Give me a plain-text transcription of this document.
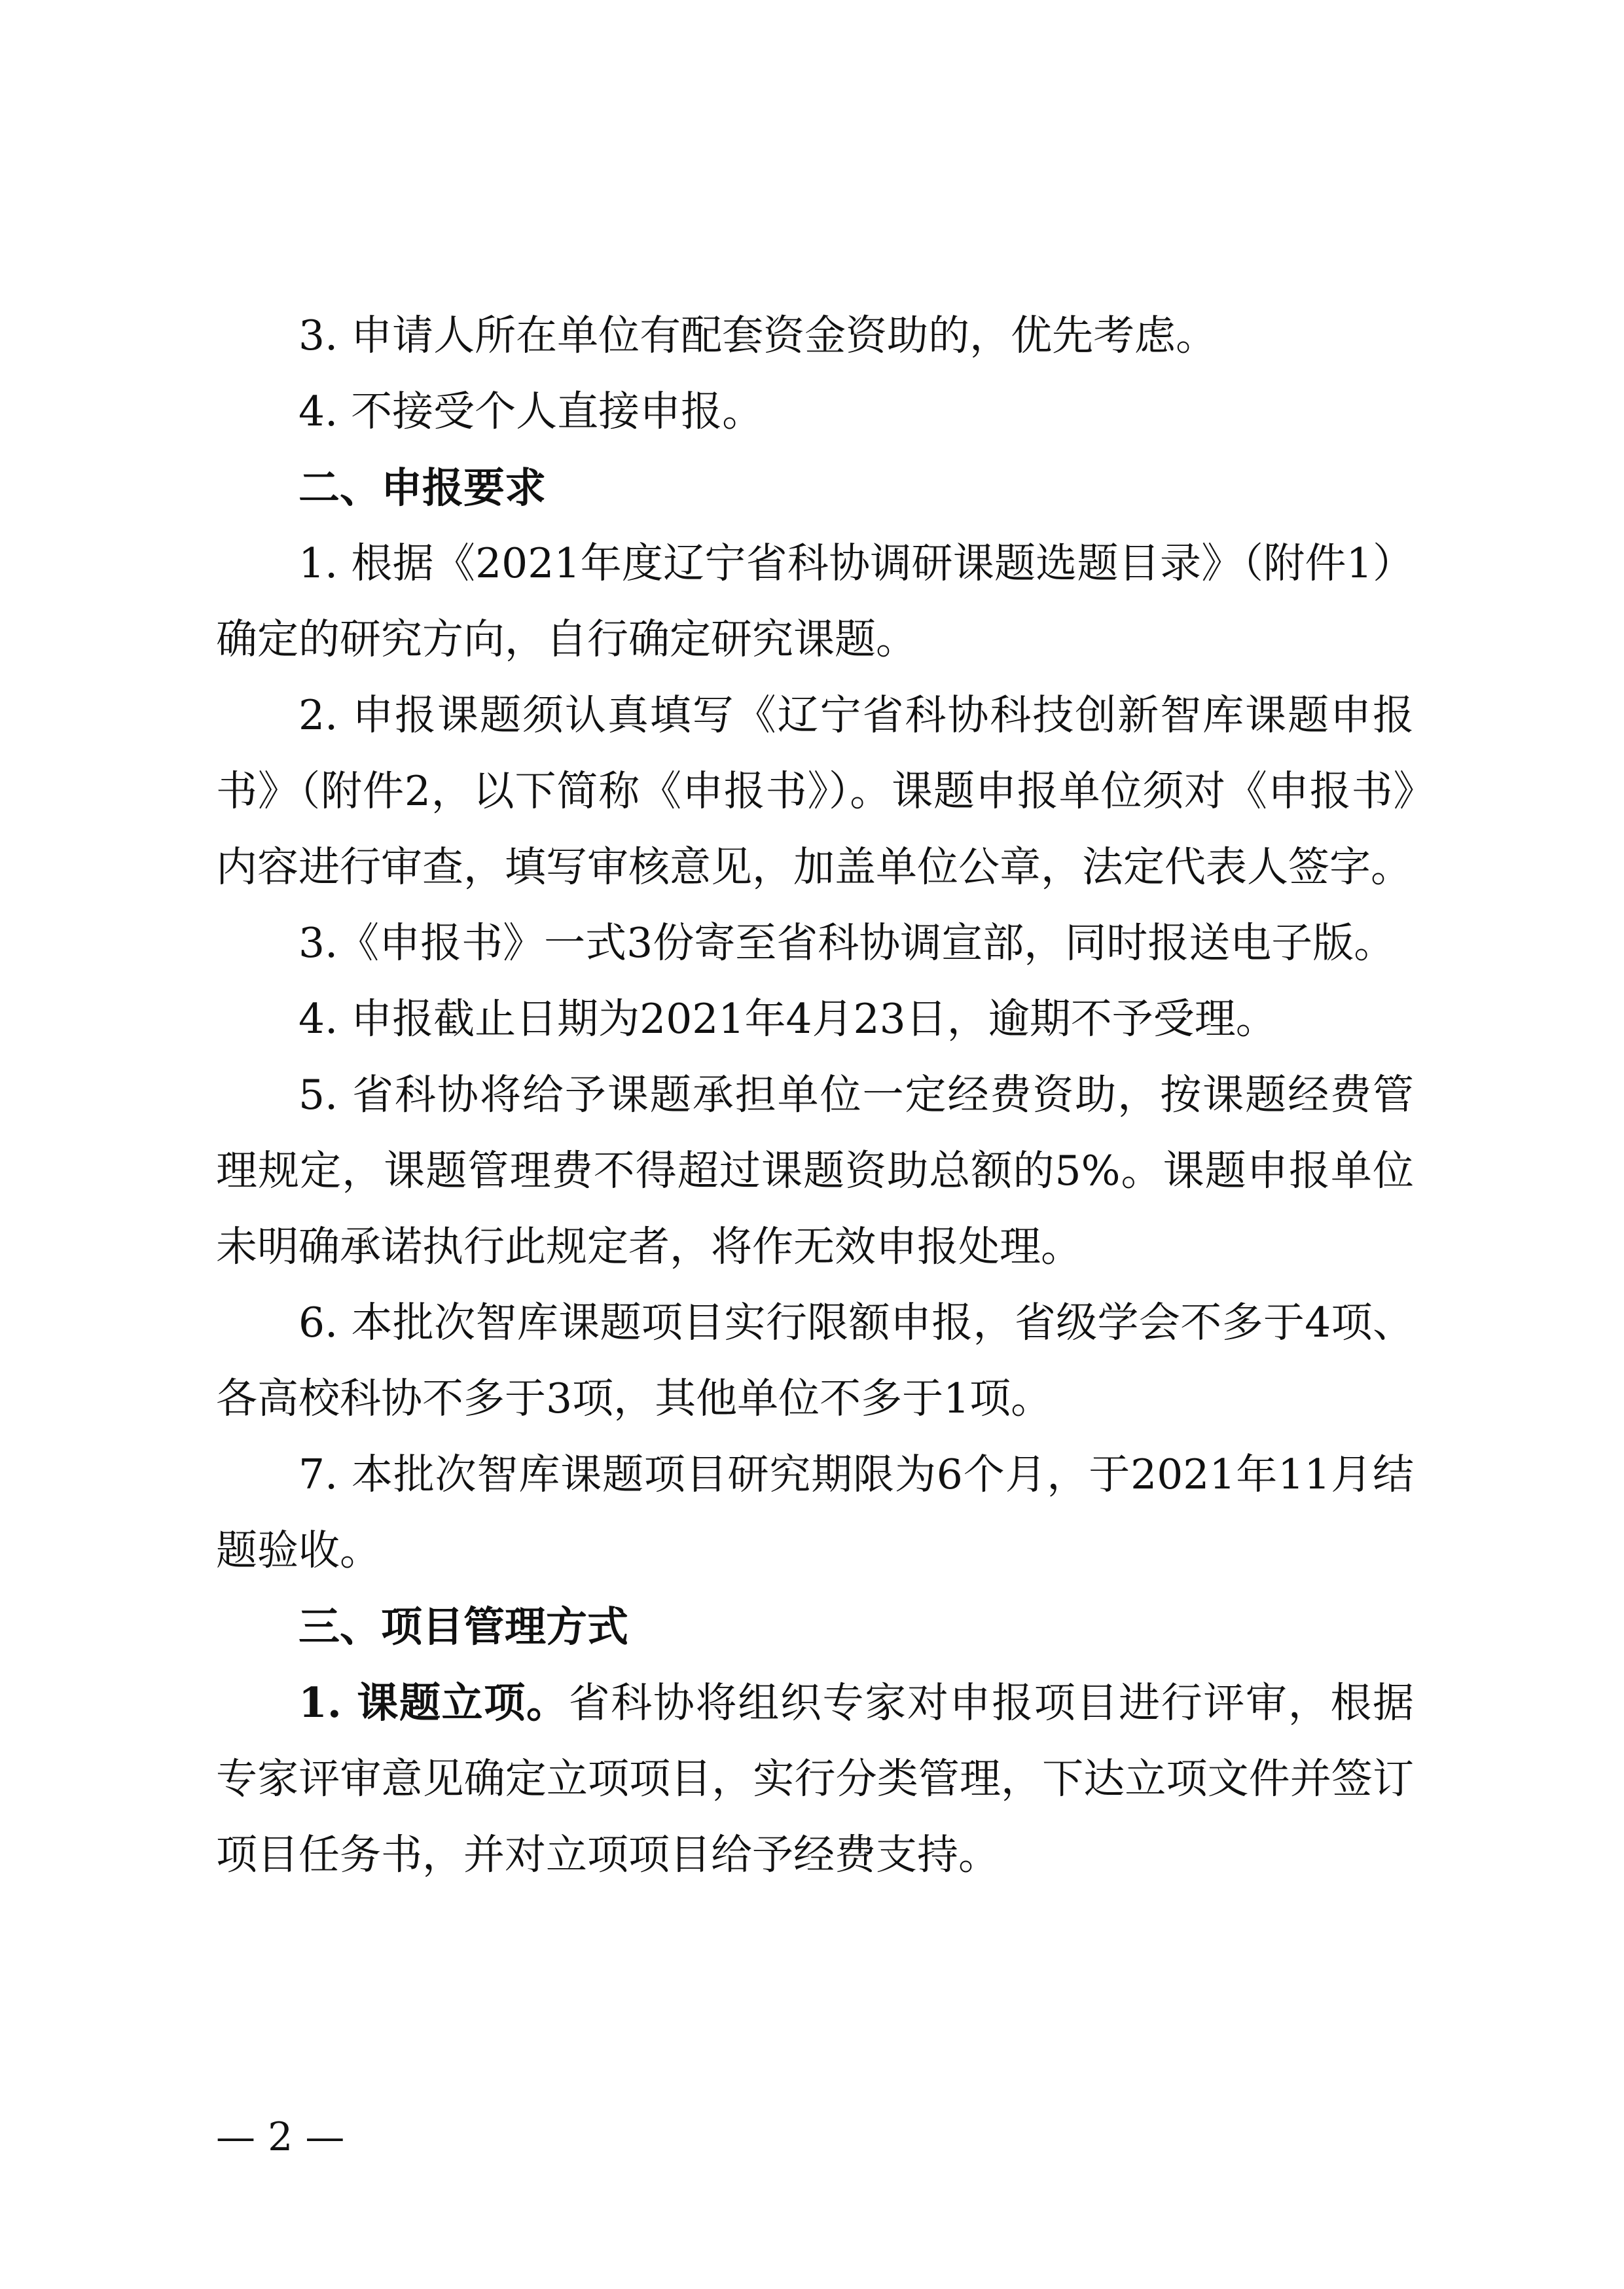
3. 申请人所在单位有配套资金资助的，优先考虑。

4. 不接受个人直接申报。

二、申报要求

1. 根据《2021年度辽宁省科协调研课题选题目录》（附件1）确定的研究方向，自行确定研究课题。

2. 申报课题须认真填写《辽宁省科协科技创新智库课题申报书》（附件2，以下简称《申报书》）。课题申报单位须对《申报书》内容进行审查，填写审核意见，加盖单位公章，法定代表人签字。

3.《申报书》一式3份寄至省科协调宣部，同时报送电子版。

4. 申报截止日期为2021年4月23日，逾期不予受理。

5. 省科协将给予课题承担单位一定经费资助，按课题经费管理规定，课题管理费不得超过课题资助总额的5%。课题申报单位未明确承诺执行此规定者，将作无效申报处理。

6. 本批次智库课题项目实行限额申报，省级学会不多于4项、各高校科协不多于3项，其他单位不多于1项。

7. 本批次智库课题项目研究期限为6个月，于2021年11月结题验收。

三、项目管理方式

1. 课题立项。省科协将组织专家对申报项目进行评审，根据专家评审意见确定立项项目，实行分类管理，下达立项文件并签订项目任务书，并对立项项目给予经费支持。

— 2 —
